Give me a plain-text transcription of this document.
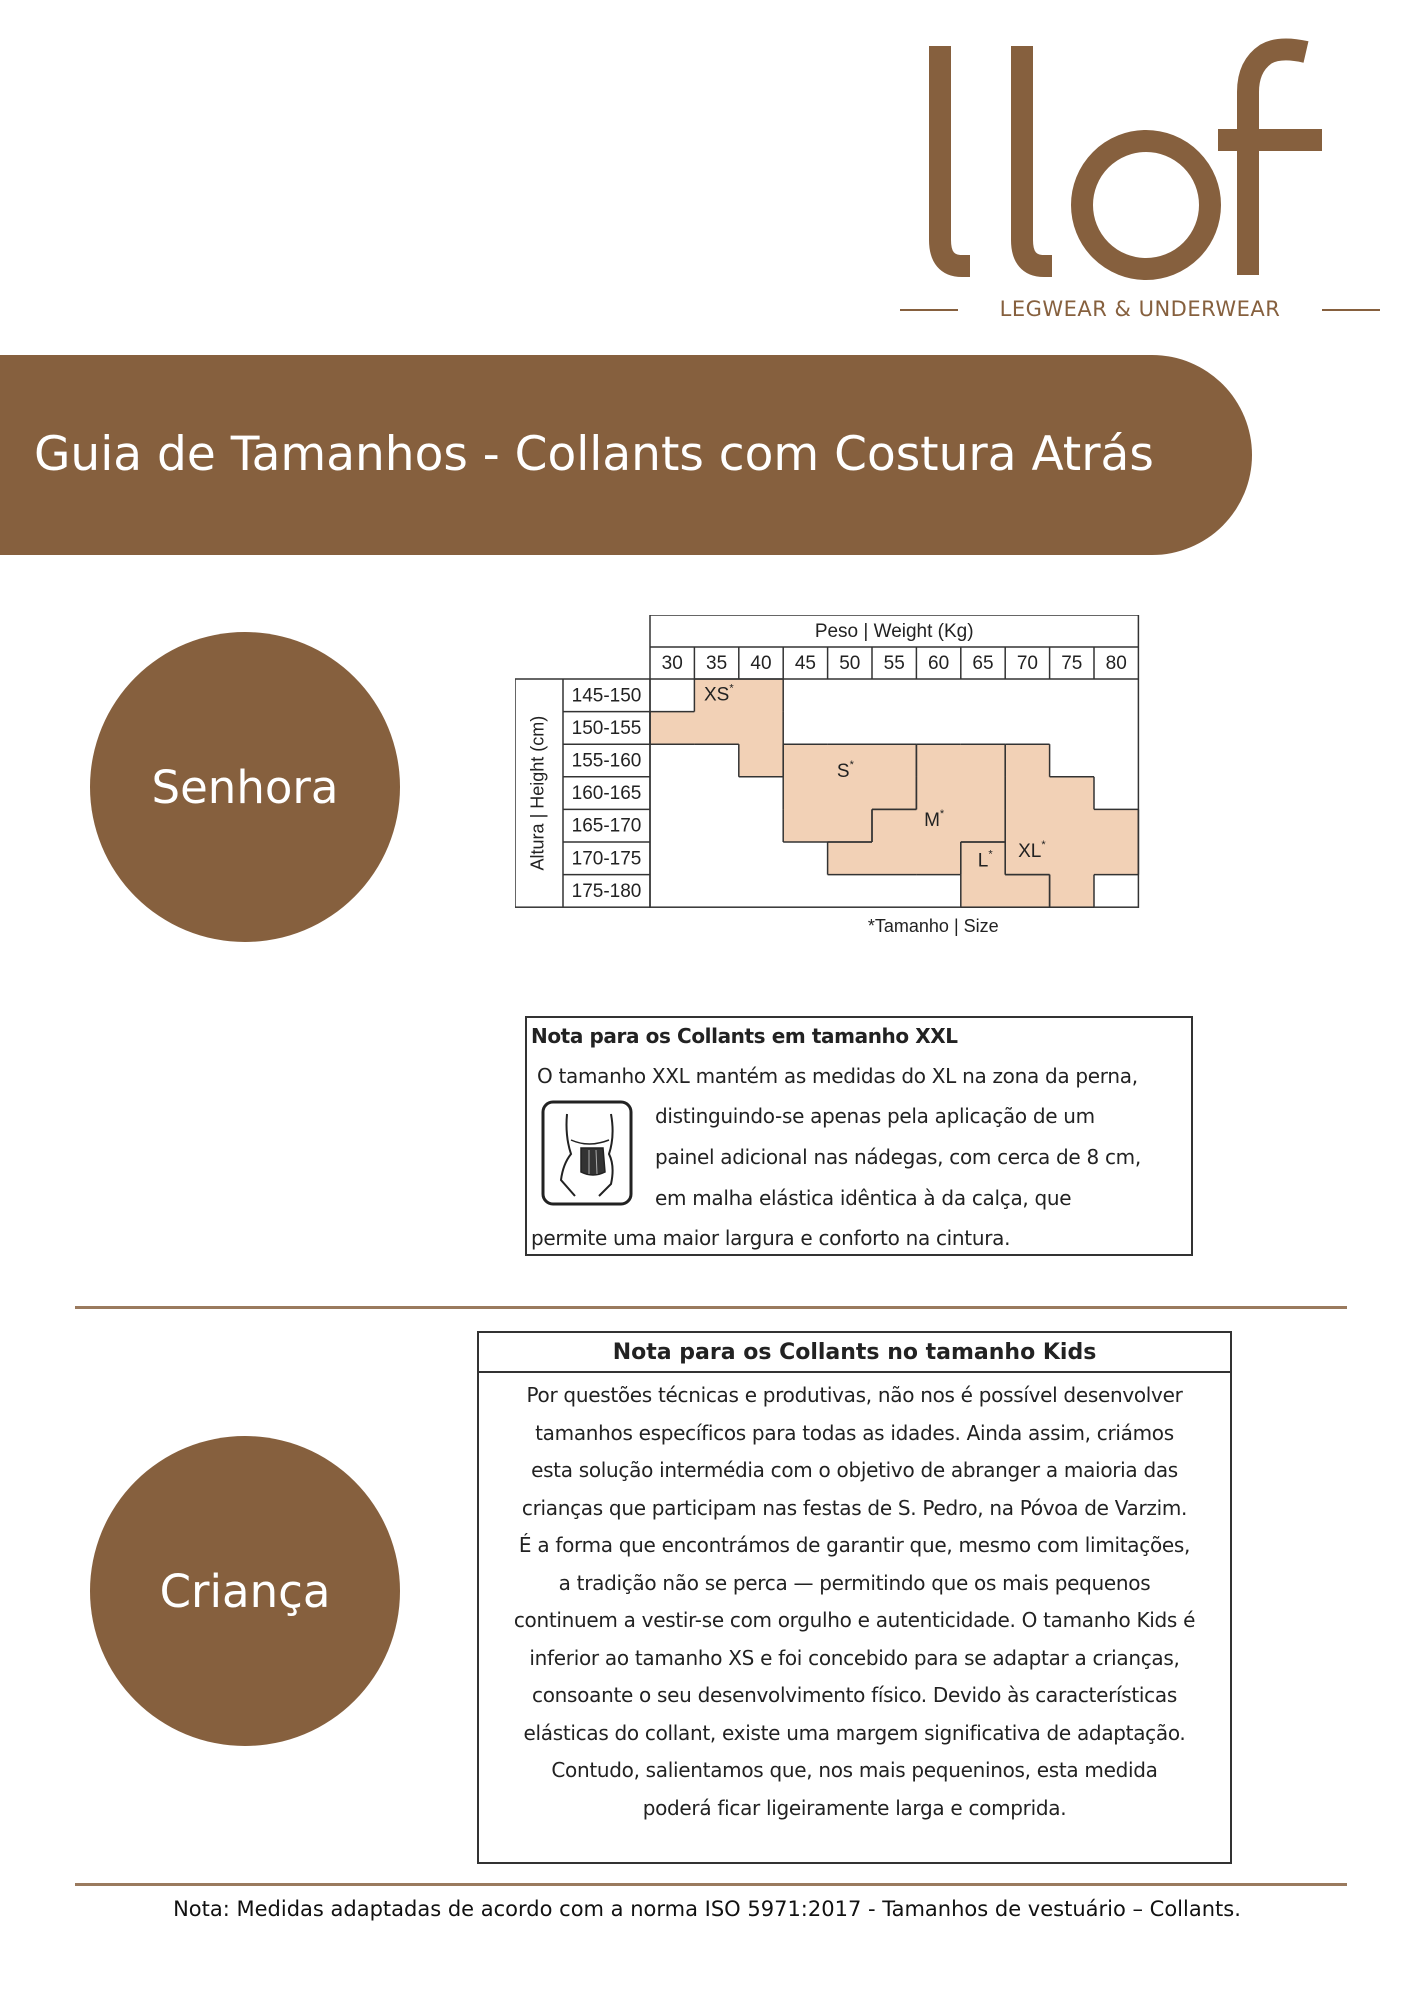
LEGWEAR & UNDERWEAR
Guia de Tamanhos - Collants com Costura Atrás
Senhora
Peso | Weight (Kg)
30 35 40 45 50 55 60 65 70 75 80
145-150
150-155
155-160
160-165
165-170
170-175
175-180
Altura | Height (cm)
*Tamanho | Size
XS*
S*
M*
L* XL*
Nota para os Collants em tamanho XXL
O tamanho XXL mantém as medidas do XL na zona da perna,
distinguindo-se apenas pela aplicação de um
painel adicional nas nádegas, com cerca de 8 cm,
em malha elástica idêntica à da calça, que
permite uma maior largura e conforto na cintura.
Nota para os Collants no tamanho Kids
Por questões técnicas e produtivas, não nos é possível desenvolver
tamanhos específicos para todas as idades. Ainda assim, criámos
esta solução intermédia com o objetivo de abranger a maioria das
crianças que participam nas festas de S. Pedro, na Póvoa de Varzim.
É a forma que encontrámos de garantir que, mesmo com limitações,
a tradição não se perca — permitindo que os mais pequenos
continuem a vestir-se com orgulho e autenticidade. O tamanho Kids é
inferior ao tamanho XS e foi concebido para se adaptar a crianças,
consoante o seu desenvolvimento físico. Devido às características
elásticas do collant, existe uma margem significativa de adaptação.
Contudo, salientamos que, nos mais pequeninos, esta medida
poderá ficar ligeiramente larga e comprida.
Criança
Nota: Medidas adaptadas de acordo com a norma ISO 5971:2017 - Tamanhos de vestuário – Collants.
